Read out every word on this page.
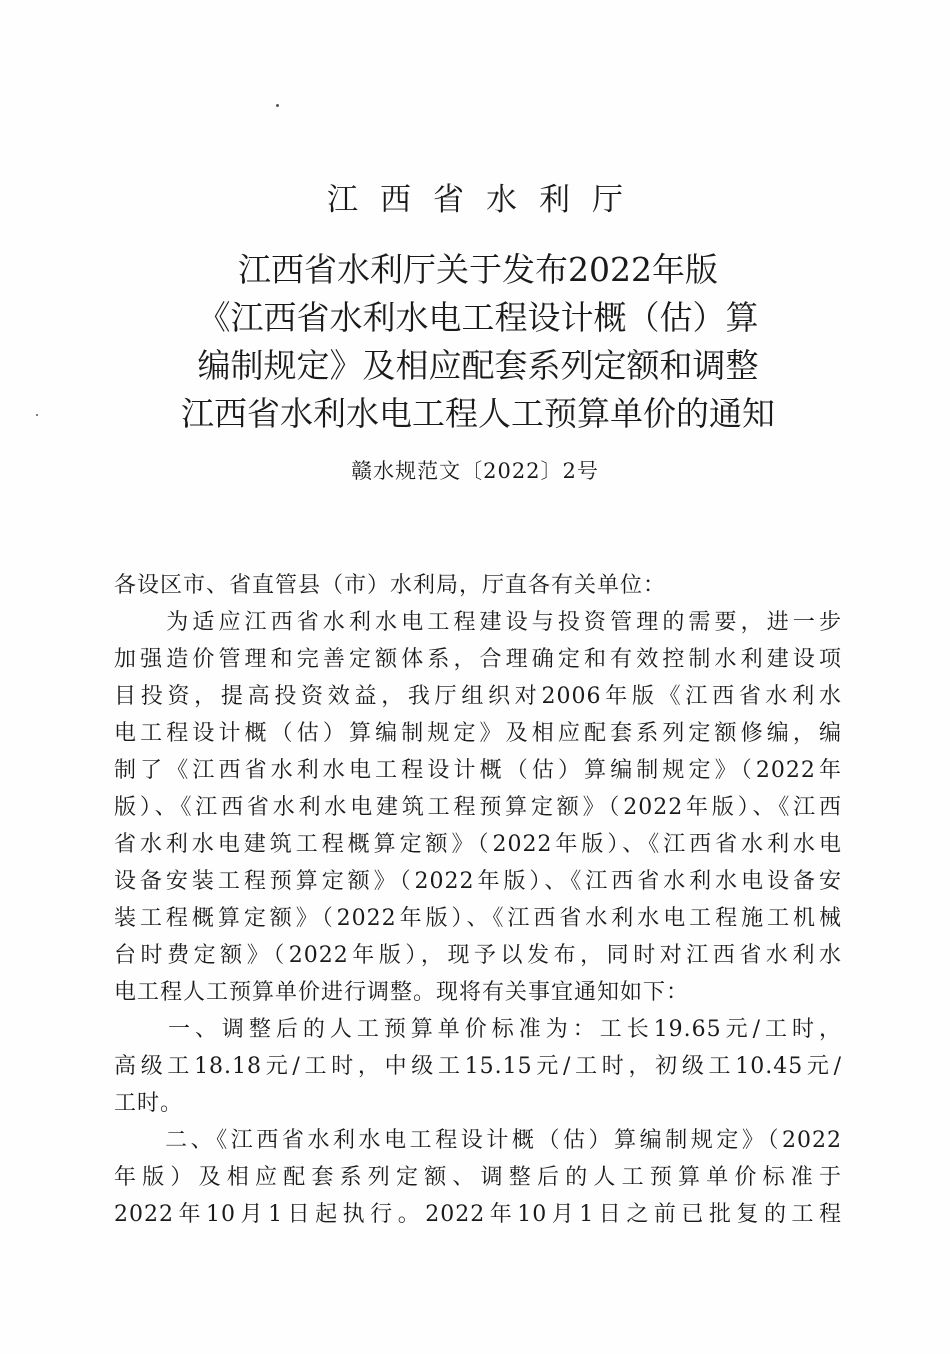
江西省水利厅
江西省水利厅关于发布2022年版
《江西省水利水电工程设计概（估）算
编制规定》及相应配套系列定额和调整
江西省水利水电工程人工预算单价的通知
赣水规范文〔2022〕2号
各设区市、省直管县（市）水利局，厅直各有关单位：
　　为适应江西省水利水电工程建设与投资管理的需要，进一步
加强造价管理和完善定额体系，合理确定和有效控制水利建设项
目投资，提高投资效益，我厅组织对2006年版《江西省水利水
电工程设计概（估）算编制规定》及相应配套系列定额修编，编
制了《江西省水利水电工程设计概（估）算编制规定》（2022年
版）、《江西省水利水电建筑工程预算定额》（2022年版）、《江西
省水利水电建筑工程概算定额》（2022年版）、《江西省水利水电
设备安装工程预算定额》（2022年版）、《江西省水利水电设备安
装工程概算定额》（2022年版）、《江西省水利水电工程施工机械
台时费定额》（2022年版），现予以发布，同时对江西省水利水
电工程人工预算单价进行调整。现将有关事宜通知如下：
　　一、调整后的人工预算单价标准为：工长19.65元/工时，
高级工18.18元/工时，中级工15.15元/工时，初级工10.45元/
工时。
　　二、《江西省水利水电工程设计概（估）算编制规定》（2022
年版）及相应配套系列定额、调整后的人工预算单价标准于
2022年10月1日起执行。2022年10月1日之前已批复的工程
